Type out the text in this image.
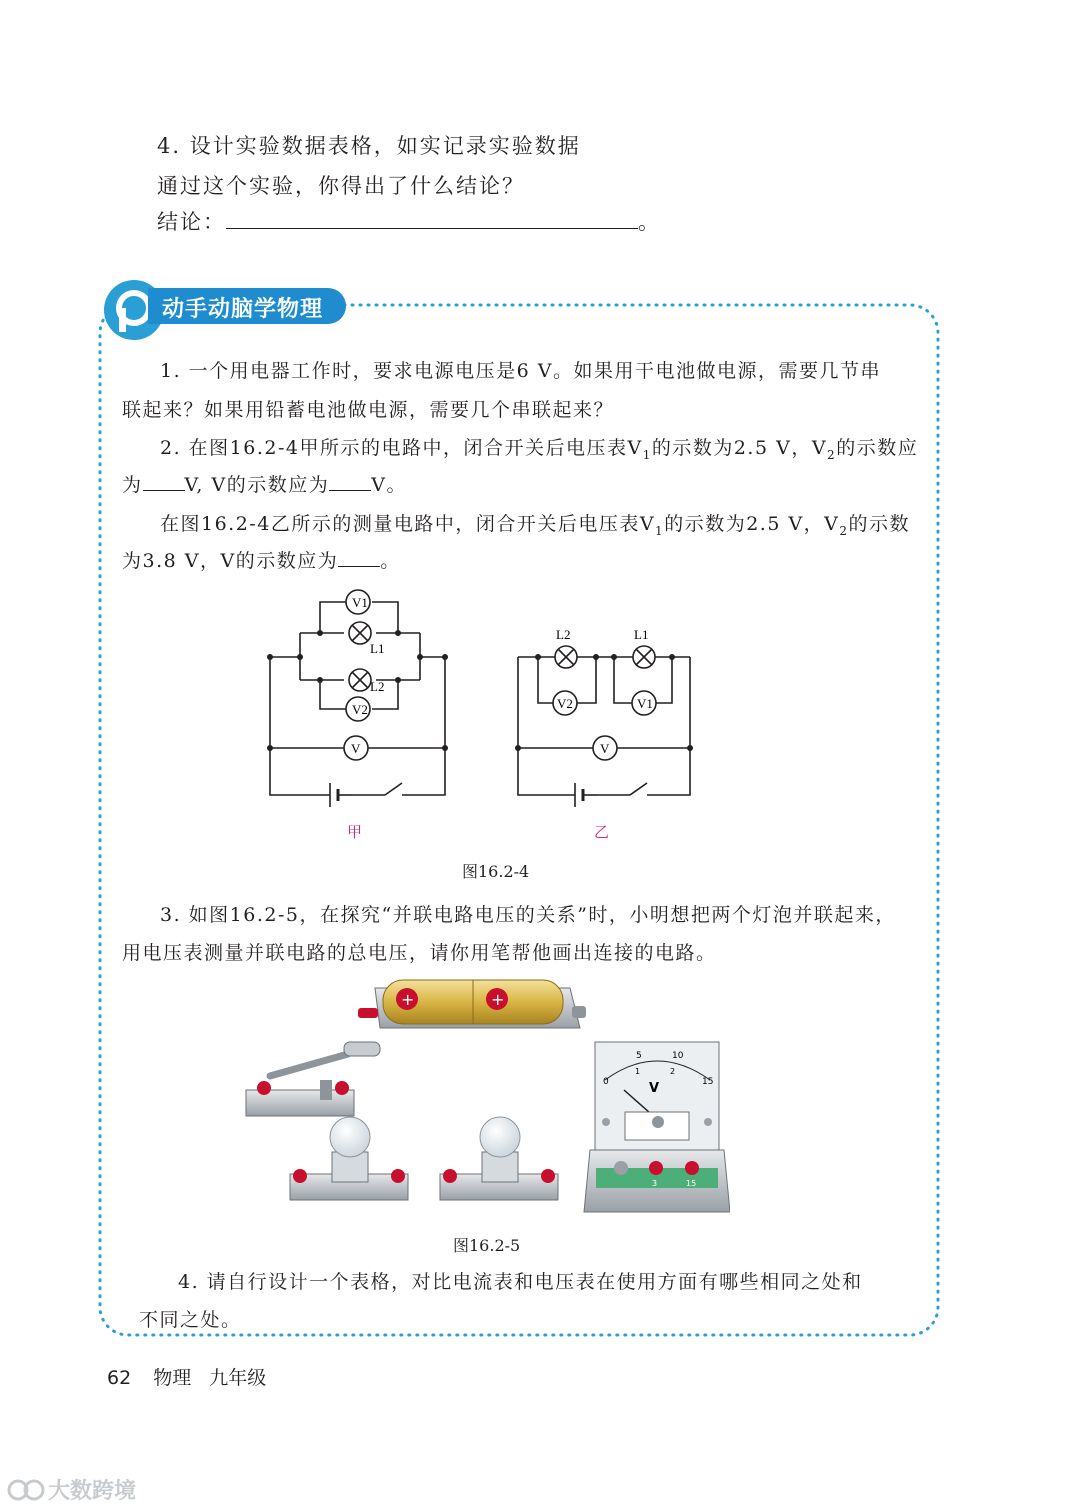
4. 设计实验数据表格，如实记录实验数据
通过这个实验，你得出了什么结论？
结论：	。
动手动脑学物理
1. 一个用电器工作时，要求电源电压是6 V。如果用干电池做电源，需要几节串
联起来？如果用铅蓄电池做电源，需要几个串联起来？
2. 在图16.2-4甲所示的电路中，闭合开关后电压表$V_1$的示数为2.5 V，$V_2$的示数应
为 V, V的示数应为 V。
在图16.2-4乙所示的测量电路中，闭合开关后电压表$V_1$的示数为2.5 V，$V_2$的示数
为3.8 V，V的示数应为 。
V1
V2
V
L1
L2
甲
L2	L1
V2	V1
V
乙
图16.2-4
3. 如图16.2-5，在探究“并联电路电压的关系”时，小明想把两个灯泡并联起来，
用电压表测量并联电路的总电压，请你用笔帮他画出连接的电路。
+	+
0
5	10
15
1	2
V
3	15
图16.2-5
4. 请自行设计一个表格，对比电流表和电压表在使用方面有哪些相同之处和
不同之处。
62 物理 九年级
大数跨境
